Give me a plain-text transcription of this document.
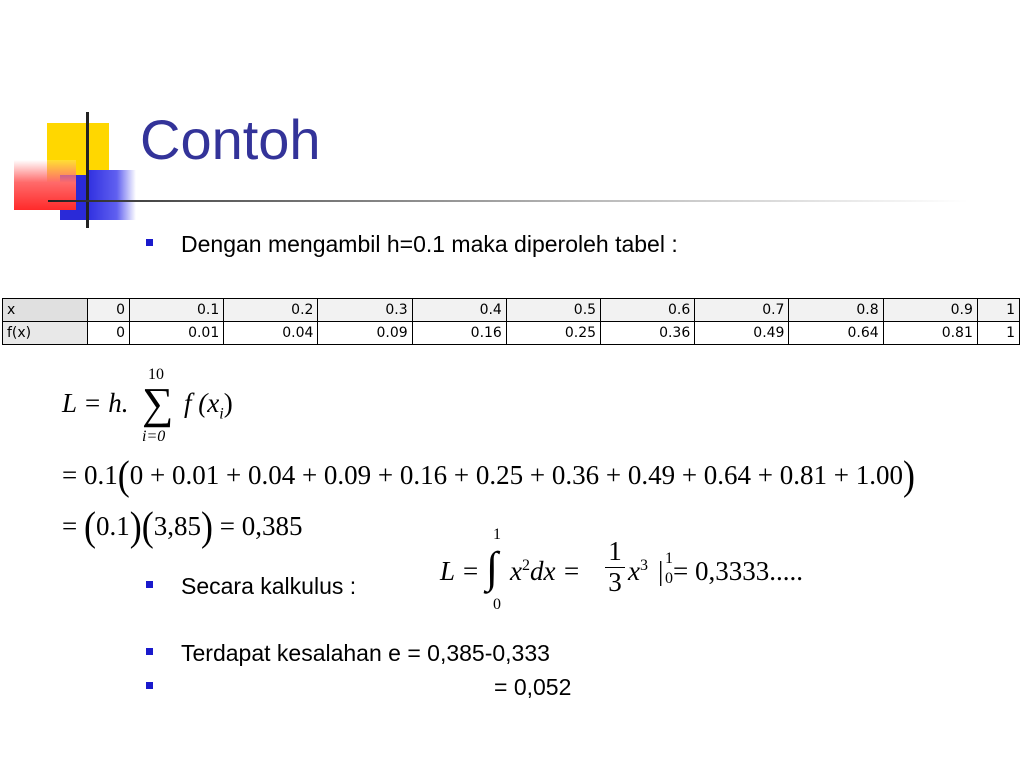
Contoh
Dengan mengambil h=0.1 maka diperoleh tabel :
x	0	0.1	0.2	0.3	0.4	0.5	0.6	0.7	0.8	0.9	1
f(x)	0	0.01	0.04	0.09	0.16	0.25	0.36	0.49	0.64	0.81	1
L = h.
10
∑
i=0
f $(x_i)$
= 0.1(0 + 0.01 + 0.04 + 0.09 + 0.16 + 0.25 + 0.36 + 0.49 + 0.64 + 0.81 + 1.00)
= (0.1)(3,85) = 0,385
L =
1
∫
0
$x^2dx$ =
1
3 $x^3$ | 1
0 = 0,3333.....
Secara kalkulus :
Terdapat kesalahan e = 0,385-0,333
= 0,052
